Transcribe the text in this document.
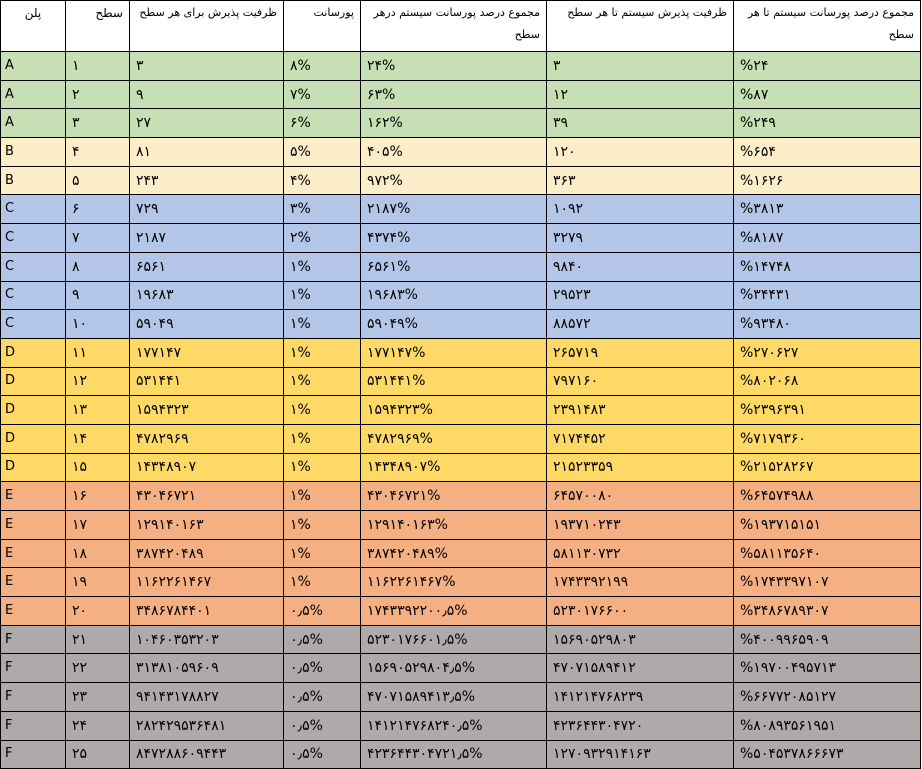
پلن	سطح	ظرفیت پذیرش برای هر سطح	پورسانت	مجموع درصد پورسانت سیستم درهر سطح	ظرفیت پذیرش سیستم تا هر سطح	مجموع درصد پورسانت سیستم تا هر سطح
A	۱	۳	۸%	۲۴%	۳	%۲۴
A	۲	۹	۷%	۶۳%	۱۲	%۸۷
A	۳	۲۷	۶%	۱۶۲%	۳۹	%۲۴۹
B	۴	۸۱	۵%	۴۰۵%	۱۲۰	%۶۵۴
B	۵	۲۴۳	۴%	۹۷۲%	۳۶۳	%۱۶۲۶
C	۶	۷۲۹	۳%	۲۱۸۷%	۱۰۹۲	%۳۸۱۳
C	۷	۲۱۸۷	۲%	۴۳۷۴%	۳۲۷۹	%۸۱۸۷
C	۸	۶۵۶۱	۱%	۶۵۶۱%	۹۸۴۰	%۱۴۷۴۸
C	۹	۱۹۶۸۳	۱%	۱۹۶۸۳%	۲۹۵۲۳	%۳۴۴۳۱
C	۱۰	۵۹۰۴۹	۱%	۵۹۰۴۹%	۸۸۵۷۲	%۹۳۴۸۰
D	۱۱	۱۷۷۱۴۷	۱%	۱۷۷۱۴۷%	۲۶۵۷۱۹	%۲۷۰۶۲۷
D	۱۲	۵۳۱۴۴۱	۱%	۵۳۱۴۴۱%	۷۹۷۱۶۰	%۸۰۲۰۶۸
D	۱۳	۱۵۹۴۳۲۳	۱%	۱۵۹۴۳۲۳%	۲۳۹۱۴۸۳	%۲۳۹۶۳۹۱
D	۱۴	۴۷۸۲۹۶۹	۱%	۴۷۸۲۹۶۹%	۷۱۷۴۴۵۲	%۷۱۷۹۳۶۰
D	۱۵	۱۴۳۴۸۹۰۷	۱%	۱۴۳۴۸۹۰۷%	۲۱۵۲۳۳۵۹	%۲۱۵۲۸۲۶۷
E	۱۶	۴۳۰۴۶۷۲۱	۱%	۴۳۰۴۶۷۲۱%	۶۴۵۷۰۰۸۰	%۶۴۵۷۴۹۸۸
E	۱۷	۱۲۹۱۴۰۱۶۳	۱%	۱۲۹۱۴۰۱۶۳%	۱۹۳۷۱۰۲۴۳	%۱۹۳۷۱۵۱۵۱
E	۱۸	۳۸۷۴۲۰۴۸۹	۱%	۳۸۷۴۲۰۴۸۹%	۵۸۱۱۳۰۷۳۲	%۵۸۱۱۳۵۶۴۰
E	۱۹	۱۱۶۲۲۶۱۴۶۷	۱%	۱۱۶۲۲۶۱۴۶۷%	۱۷۴۳۳۹۲۱۹۹	%۱۷۴۳۳۹۷۱۰۷
E	۲۰	۳۴۸۶۷۸۴۴۰۱	۰٫۵%	۱۷۴۳۳۹۲۲۰۰٫۵%	۵۲۳۰۱۷۶۶۰۰	%۳۴۸۶۷۸۹۳۰۷
F	۲۱	۱۰۴۶۰۳۵۳۲۰۳	۰٫۵%	۵۲۳۰۱۷۶۶۰۱٫۵%	۱۵۶۹۰۵۲۹۸۰۳	%۴۰۰۹۹۶۵۹۰۹
F	۲۲	۳۱۳۸۱۰۵۹۶۰۹	۰٫۵%	۱۵۶۹۰۵۲۹۸۰۴٫۵%	۴۷۰۷۱۵۸۹۴۱۲	%۱۹۷۰۰۴۹۵۷۱۳
F	۲۳	۹۴۱۴۳۱۷۸۸۲۷	۰٫۵%	۴۷۰۷۱۵۸۹۴۱۳٫۵%	۱۴۱۲۱۴۷۶۸۲۳۹	%۶۶۷۷۲۰۸۵۱۲۷
F	۲۴	۲۸۲۴۲۹۵۳۶۴۸۱	۰٫۵%	۱۴۱۲۱۴۷۶۸۲۴۰٫۵%	۴۲۳۶۴۴۳۰۴۷۲۰	%۸۰۸۹۳۵۶۱۹۵۱
F	۲۵	۸۴۷۲۸۸۶۰۹۴۴۳	۰٫۵%	۴۲۳۶۴۴۳۰۴۷۲۱٫۵%	۱۲۷۰۹۳۲۹۱۴۱۶۳	%۵۰۴۵۳۷۸۶۶۶۷۳
